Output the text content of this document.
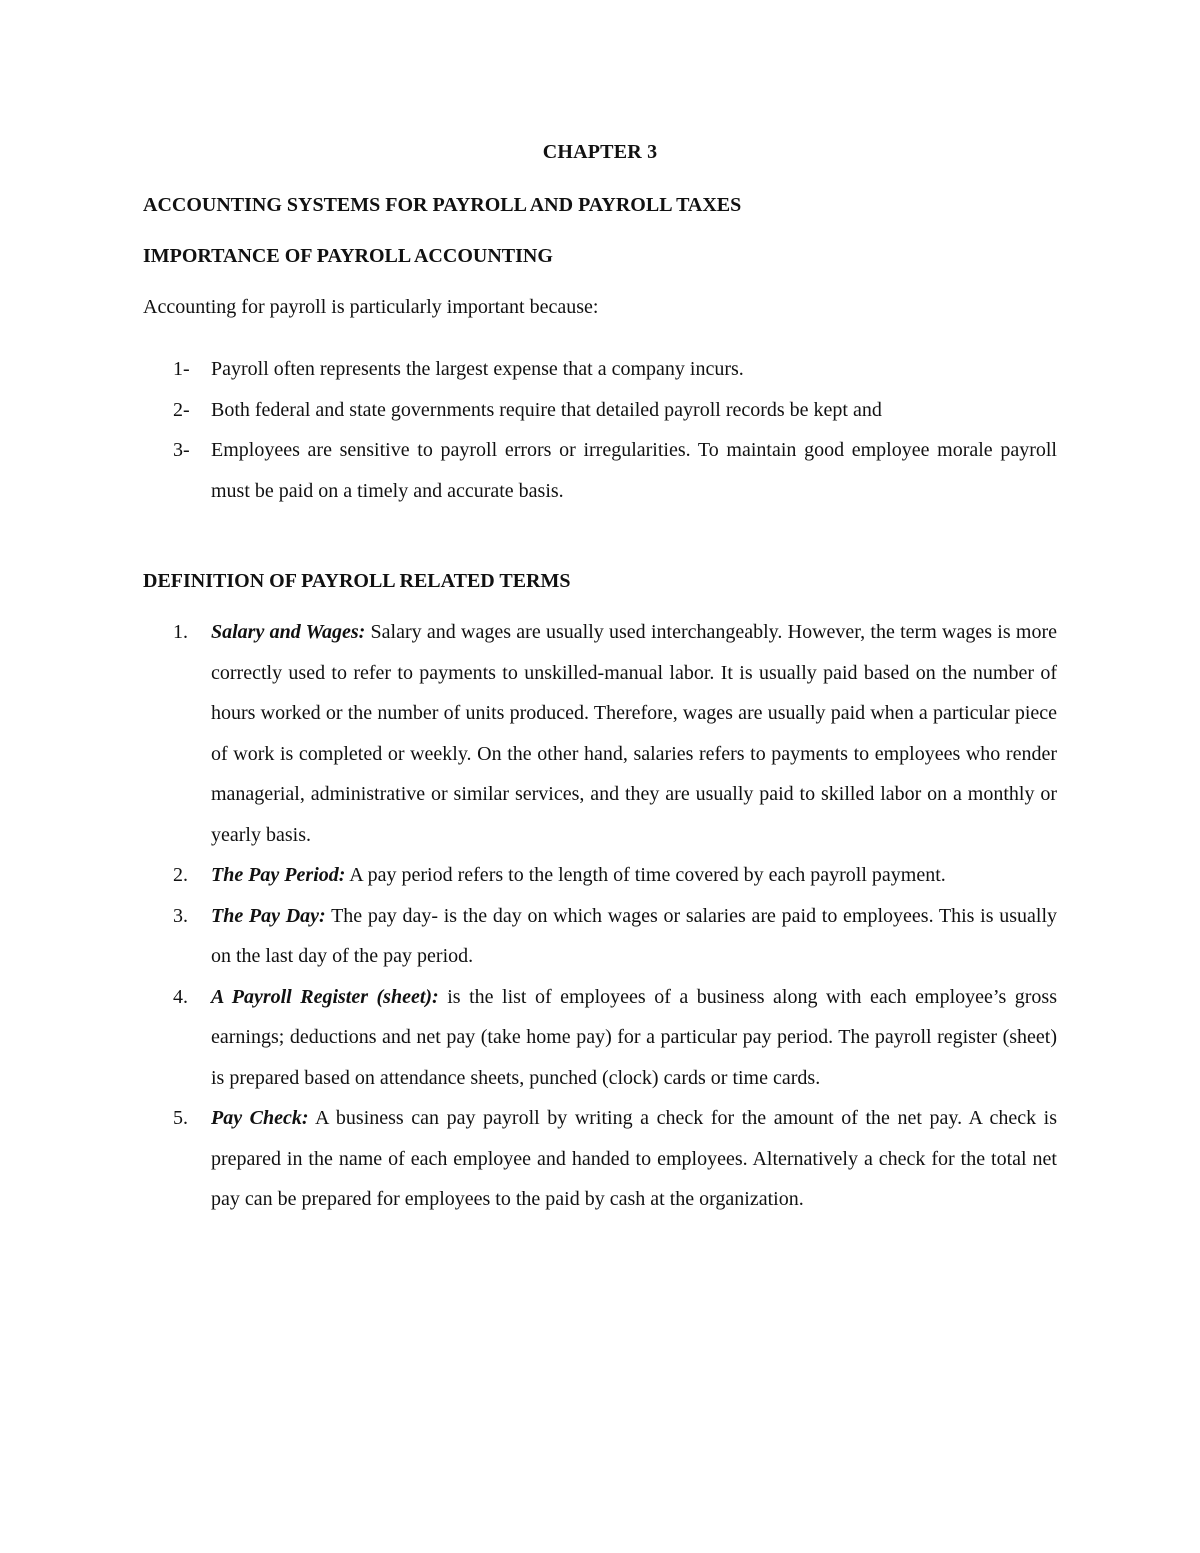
CHAPTER 3
ACCOUNTING SYSTEMS FOR PAYROLL AND PAYROLL TAXES
IMPORTANCE OF PAYROLL ACCOUNTING
Accounting for payroll is particularly important because:
1- Payroll often represents the largest expense that a company incurs.
2- Both federal and state governments require that detailed payroll records be kept and
3- Employees are sensitive to payroll errors or irregularities. To maintain good employee morale payroll must be paid on a timely and accurate basis.
DEFINITION OF PAYROLL RELATED TERMS
1. Salary and Wages: Salary and wages are usually used interchangeably. However, the term wages is more correctly used to refer to payments to unskilled-manual labor. It is usually paid based on the number of hours worked or the number of units produced. Therefore, wages are usually paid when a particular piece of work is completed or weekly. On the other hand, salaries refers to payments to employees who render managerial, administrative or similar services, and they are usually paid to skilled labor on a monthly or yearly basis.
2. The Pay Period: A pay period refers to the length of time covered by each payroll payment.
3. The Pay Day: The pay day- is the day on which wages or salaries are paid to employees. This is usually on the last day of the pay period.
4. A Payroll Register (sheet): is the list of employees of a business along with each employee’s gross earnings; deductions and net pay (take home pay) for a particular pay period. The payroll register (sheet) is prepared based on attendance sheets, punched (clock) cards or time cards.
5. Pay Check: A business can pay payroll by writing a check for the amount of the net pay. A check is prepared in the name of each employee and handed to employees. Alternatively a check for the total net pay can be prepared for employees to the paid by cash at the organization.
